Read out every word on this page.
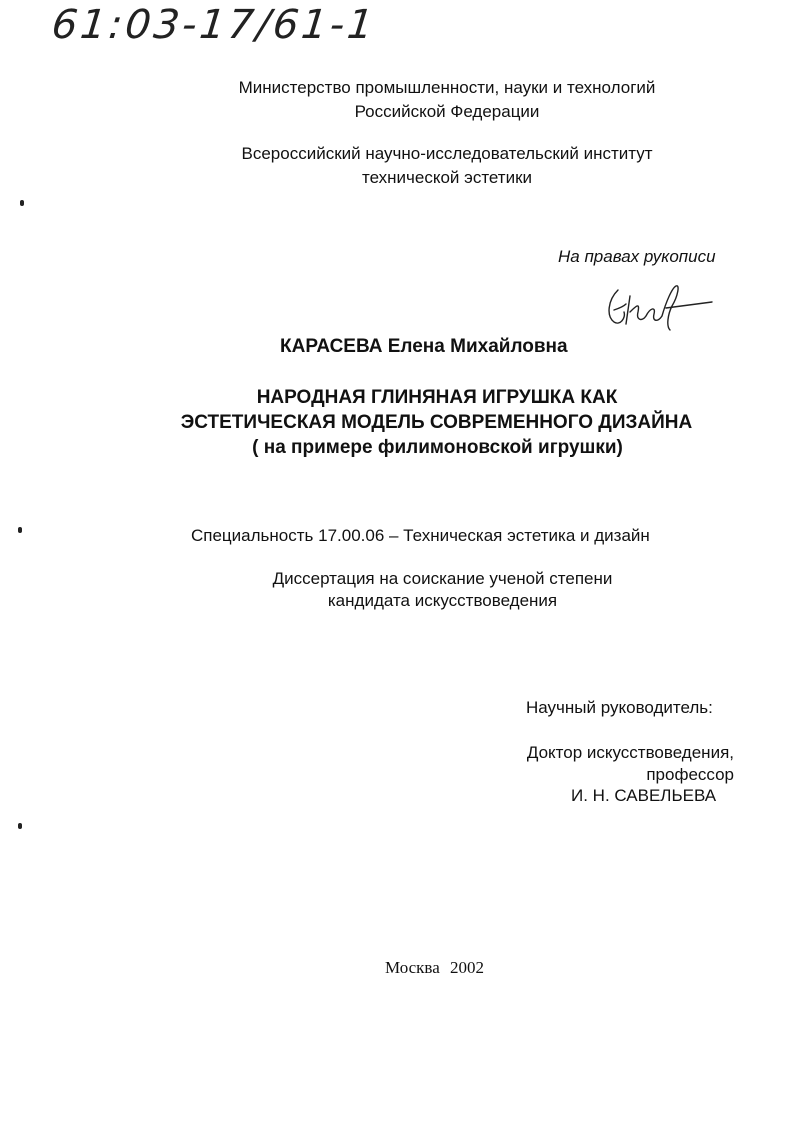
61:03-17/61-1
Министерство промышленности, науки и технологий
Российской Федерации
Всероссийский научно-исследовательский институт
технической эстетики
На правах рукописи
КАРАСЕВА Елена Михайловна
НАРОДНАЯ ГЛИНЯНАЯ ИГРУШКА КАК
ЭСТЕТИЧЕСКАЯ МОДЕЛЬ СОВРЕМЕННОГО ДИЗАЙНА
( на примере филимоновской игрушки)
Специальность 17.00.06 – Техническая эстетика и дизайн
Диссертация на соискание ученой степени
кандидата искусствоведения
Научный руководитель:
Доктор искусствоведения,
профессор
И. Н. САВЕЛЬЕВА
Москва 2002
